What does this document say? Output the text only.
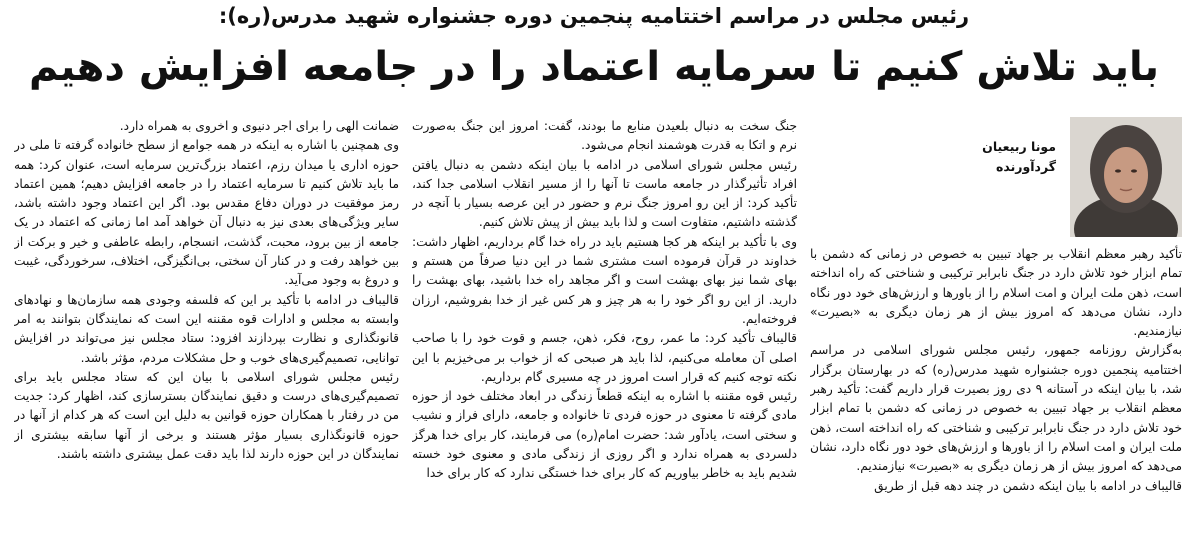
رئیس مجلس در مراسم اختتامیه پنجمین دوره جشنواره شهید مدرس(ره):
باید تلاش کنیم تا سرمایه اعتماد را در جامعه افزایش دهیم
مونا ربیعیان
گردآورنده

تأکید رهبر معظم انقلاب بر جهاد تبیین به خصوص در زمانی که دشمن با تمام ابزار خود تلاش دارد در جنگ نابرابر ترکیبی و شناختی که راه انداخته است، ذهن ملت ایران و امت اسلام را از باورها و ارزش‌های خود دور نگاه دارد، نشان می‌دهد که امروز بیش از هر زمان دیگری به «بصیرت» نیازمندیم.

به‌گزارش روزنامه جمهور، رئیس مجلس شورای اسلامی در مراسم اختتامیه پنجمین دوره جشنواره شهید مدرس(ره) که در بهارستان برگزار شد، با بیان اینکه در آستانه ۹ دی روز بصیرت قرار داریم گفت: تأکید رهبر معظم انقلاب بر جهاد تبیین به خصوص در زمانی که دشمن با تمام ابزار خود تلاش دارد در جنگ نابرابر ترکیبی و شناختی که راه انداخته است، ذهن ملت ایران و امت اسلام را از باورها و ارزش‌های خود دور نگاه دارد، نشان می‌دهد که امروز بیش از هر زمان دیگری به «بصیرت» نیازمندیم.

قالیباف در ادامه با بیان اینکه دشمن در چند دهه قبل از طریق

جنگ سخت به دنبال بلعیدن منابع ما بودند، گفت: امروز این جنگ به‌صورت نرم و اتکا به قدرت هوشمند انجام می‌شود.

رئیس مجلس شورای اسلامی در ادامه با بیان اینکه دشمن به دنبال یافتن افراد تأثیرگذار در جامعه ماست تا آنها را از مسیر انقلاب اسلامی جدا کند، تأکید کرد: از این رو امروز جنگ نرم و حضور در این عرصه بسیار با آنچه در گذشته داشتیم، متفاوت است و لذا باید بیش از پیش تلاش کنیم.

وی با تأکید بر اینکه هر کجا هستیم باید در راه خدا گام برداریم، اظهار داشت: خداوند در قرآن فرموده است مشتری شما در این دنیا صرفاً من هستم و بهای شما نیز بهای بهشت است و اگر مجاهد راه خدا باشید، بهای بهشت را دارید. از این رو اگر خود را به هر چیز و هر کس غیر از خدا بفروشیم، ارزان فروخته‌ایم.

قالیباف تأکید کرد: ما عمر، روح، فکر، ذهن، جسم و قوت خود را با صاحب اصلی آن معامله می‌کنیم، لذا باید هر صبحی که از خواب بر می‌خیزیم با این نکته توجه کنیم که قرار است امروز در چه مسیری گام برداریم.

رئیس قوه مقننه با اشاره به اینکه قطعاً زندگی در ابعاد مختلف خود از حوزه مادی گرفته تا معنوی در حوزه فردی تا خانواده و جامعه، دارای فراز و نشیب و سختی است، یادآور شد: حضرت امام(ره) می فرمایند، کار برای خدا هرگز دلسردی به همراه ندارد و اگر روزی از زندگی مادی و معنوی خود خسته شدیم باید به خاطر بیاوریم که کار برای خدا خستگی ندارد که کار برای خدا

ضمانت الهی را برای اجر دنیوی و اخروی به همراه دارد.

وی همچنین با اشاره به اینکه در همه جوامع از سطح خانواده گرفته تا ملی در حوزه اداری یا میدان رزم، اعتماد بزرگ‌ترین سرمایه است، عنوان کرد: همه ما باید تلاش کنیم تا سرمایه اعتماد را در جامعه افزایش دهیم؛ همین اعتماد رمز موفقیت در دوران دفاع مقدس بود. اگر این اعتماد وجود داشته باشد، سایر ویژگی‌های بعدی نیز به دنبال آن خواهد آمد اما زمانی که اعتماد در یک جامعه از بین برود، محبت، گذشت، انسجام، رابطه عاطفی و خیر و برکت از بین خواهد رفت و در کنار آن سختی، بی‌انگیزگی، اختلاف، سرخوردگی، غیبت و دروغ به وجود می‌آید.

قالیباف در ادامه با تأکید بر این که فلسفه وجودی همه سازمان‌ها و نهادهای وابسته به مجلس و ادارات قوه مقننه این است که نمایندگان بتوانند به امر قانونگذاری و نظارت بپردازند افزود: ستاد مجلس نیز می‌تواند در افزایش توانایی، تصمیم‌گیری‌های خوب و حل مشکلات مردم، مؤثر باشد.

رئیس مجلس شورای اسلامی با بیان این که ستاد مجلس باید برای تصمیم‌گیری‌های درست و دقیق نمایندگان بسترسازی کند، اظهار کرد: جدیت من در رفتار با همکاران حوزه قوانین به دلیل این است که هر کدام از آنها در حوزه قانونگذاری بسیار مؤثر هستند و برخی از آنها سابقه بیشتری از نمایندگان در این حوزه دارند لذا باید دقت عمل بیشتری داشته باشند.
